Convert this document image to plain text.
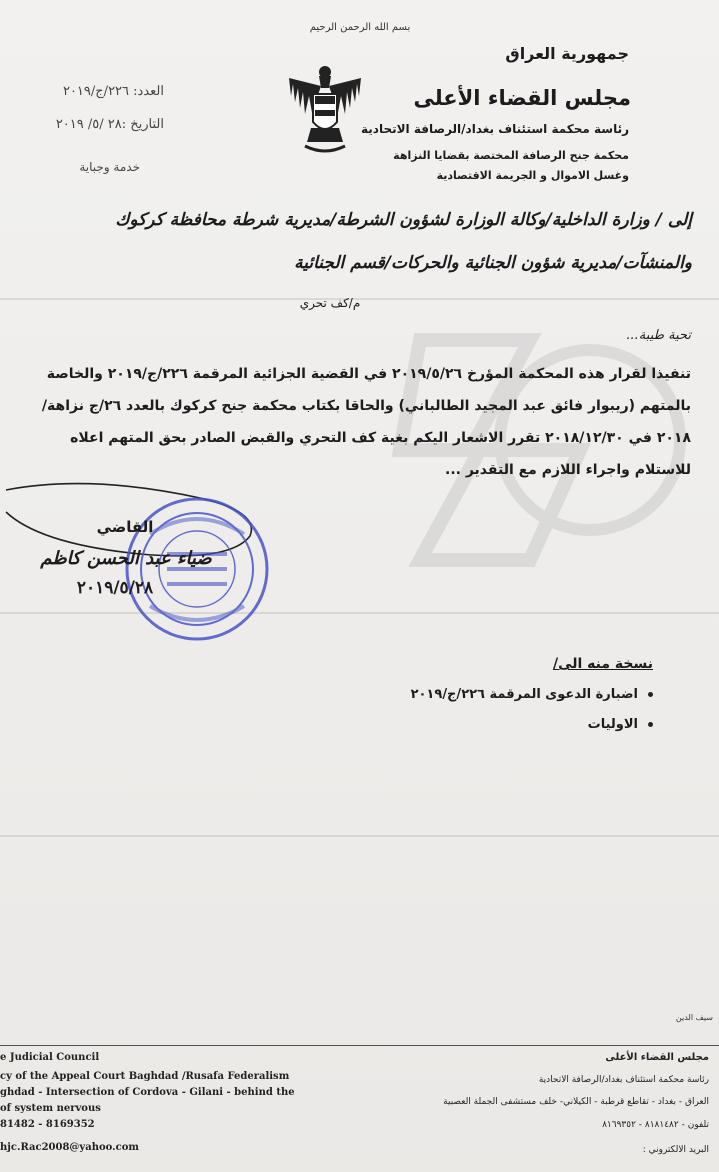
بسم الله الرحمن الرحيم
جمهورية العراق
مجلس القضاء الأعلى
رئاسة محكمة استئناف بغداد/الرصافة الاتحادية
محكمة جنح الرصافة المختصة بقضايا النزاهة
وغسل الاموال و الجريمة الاقتصادية
العدد: ٢٢٦/ج/٢٠١٩
التاريخ :٢٨ /٥/ ٢٠١٩
خدمة وجباية
إلى / وزارة الداخلية/وكالة الوزارة لشؤون الشرطة/مديرية شرطة محافظة كركوك
والمنشآت/مديرية شؤون الجنائية والحركات/قسم الجنائية
م/كف تحري
تحية طيبة...
تنفيذا لقرار هذه المحكمة المؤرخ ٢٠١٩/٥/٢٦ في القضية الجزائية المرقمة ٢٢٦/ج/٢٠١٩ والخاصة بالمتهم (ريبوار فائق عبد المجيد الطالباني) والحاقا بكتاب محكمة جنح كركوك بالعدد ٢٦/ج نزاهة/٢٠١٨ في ٢٠١٨/١٢/٣٠ تقرر الاشعار اليكم بغية كف التحري والقبض الصادر بحق المتهم اعلاه للاستلام واجراء اللازم مع التقدير ...
القاضي
ضياء عبد الحسن كاظم
٢٠١٩/٥/٢٨
نسخة منه الى/
اضبارة الدعوى المرقمة ٢٢٦/ج/٢٠١٩
الاوليات
سيف الدين
مجلس القضاء الأعلى
رئاسة محكمة استئناف بغداد/الرصافة الاتحادية
العراق - بغداد - تقاطع قرطبة - الكيلاني- خلف مستشفى الجملة العصبية
تلفون - ٨١٨١٤٨٢ - ٨١٦٩٣٥٢
البريد الالكتروني :
e Judicial Council
cy of the Appeal Court Baghdad /Rusafa Federalism
ghdad - Intersection of Cordova - Gilani - behind the
of system nervous
81482 - 8169352
hjc.Rac2008@yahoo.com
